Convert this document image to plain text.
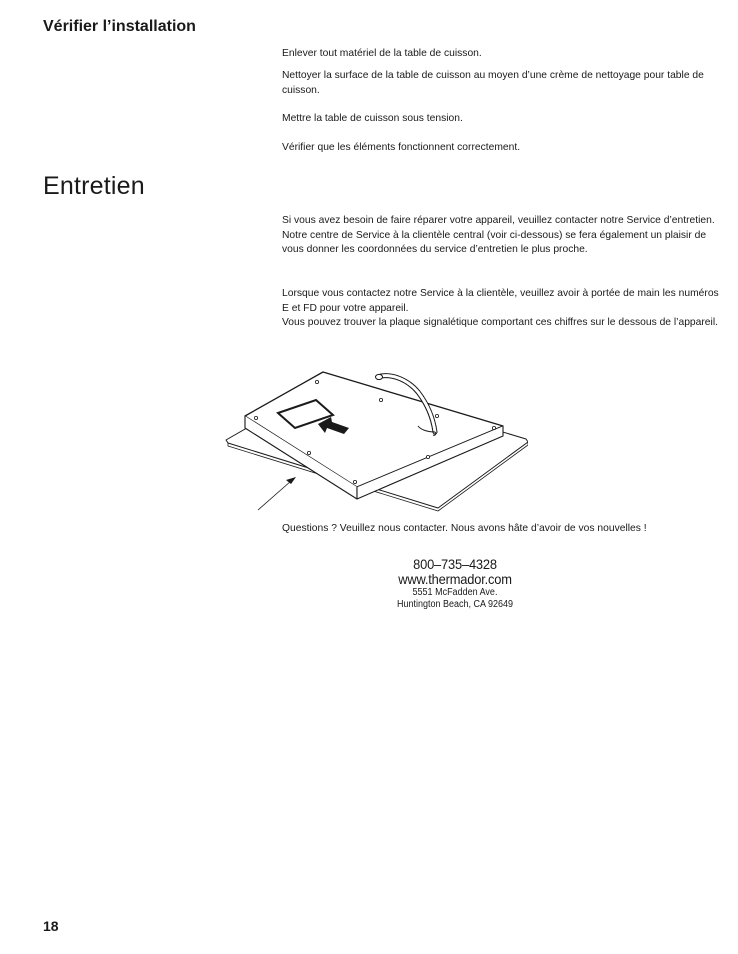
Vérifier l’installation

Enlever tout matériel de la table de cuisson.

Nettoyer la surface de la table de cuisson au moyen d’une crème de nettoyage pour table de cuisson.

Mettre la table de cuisson sous tension.

Vérifier que les éléments fonctionnent correctement.

Entretien

Si vous avez besoin de faire réparer votre appareil, veuillez contacter notre Service d’entretien. Notre centre de Service à la clientèle central (voir ci-dessous) se fera également un plaisir de vous donner les coordonnées du service d’entretien le plus proche.

Lorsque vous contactez notre Service à la clientèle, veuillez avoir à portée de main les numéros E et FD pour votre appareil.

Vous pouvez trouver la plaque signalétique comportant ces chiffres sur le dessous de l’appareil.

Questions ? Veuillez nous contacter. Nous avons hâte d’avoir de vos nouvelles !

800–735–4328
www.thermador.com
5551 McFadden Ave.
Huntington Beach, CA 92649
18
